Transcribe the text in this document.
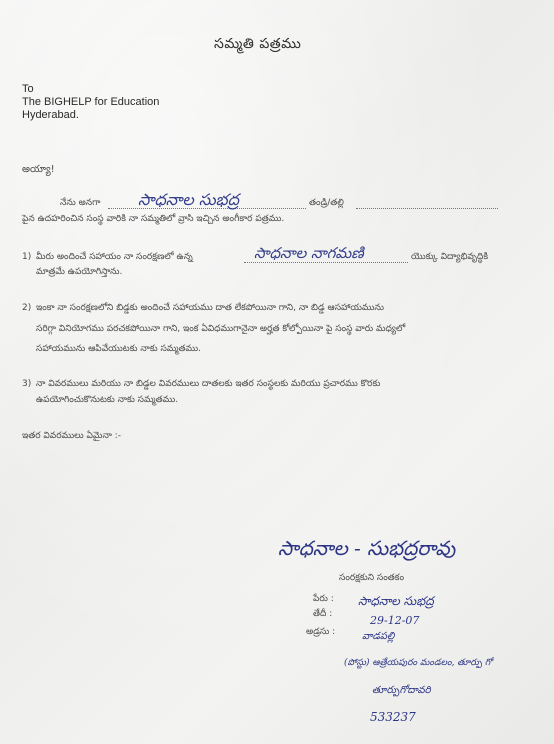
సమ్మతి పత్రము
To
The BIGHELP for Education
Hyderabad.
అయ్యా!
నేను అనగా సాధనాల సుభద్ర	తండ్రి/తల్లి
పైన ఉదహరించిన సంస్థ వారికి నా సమ్మతిలో వ్రాసి ఇచ్చిన అంగీకార పత్రము.
1) మీరు అందించే సహాయం నా సంరక్షణలో ఉన్న	సాధనాల నాగమణి	యొక్కు విద్యాభివృద్ధికి
మాత్రమే ఉపయోగిస్తాను.
2) ఇంకా నా సంరక్షణలోని బిడ్డకు అందించే సహాయము దాత లేకపోయినా గాని, నా బిడ్డ ఆసహాయమును
సరిగ్గా వినియోగము పరచకపోయినా గాని, ఇంక ఏవిధముగానైనా అర్హత కోల్పోయినా పై సంస్థ వారు మధ్యలో
సహాయమును ఆపివేయుటకు నాకు సమ్మతము.
3) నా వివరములు మరియు నా బిడ్డల వివరములు దాతలకు ఇతర సంస్థలకు మరియు ప్రచారము కొరకు
ఉపయోగించుకొనుటకు నాకు సమ్మతము.
ఇతర వివరములు ఏమైనా :-
సాధనాల - సుభద్రరావు
సంరక్షకుని సంతకం
పేరు : సాధనాల సుభద్ర
తేదీ :	29-12-07
అడ్రసు :	వాడపల్లి
(పోస్టు) ఆత్రేయపురం మండలం, తూర్పు గో
తూర్పుగోదావరి
533237
